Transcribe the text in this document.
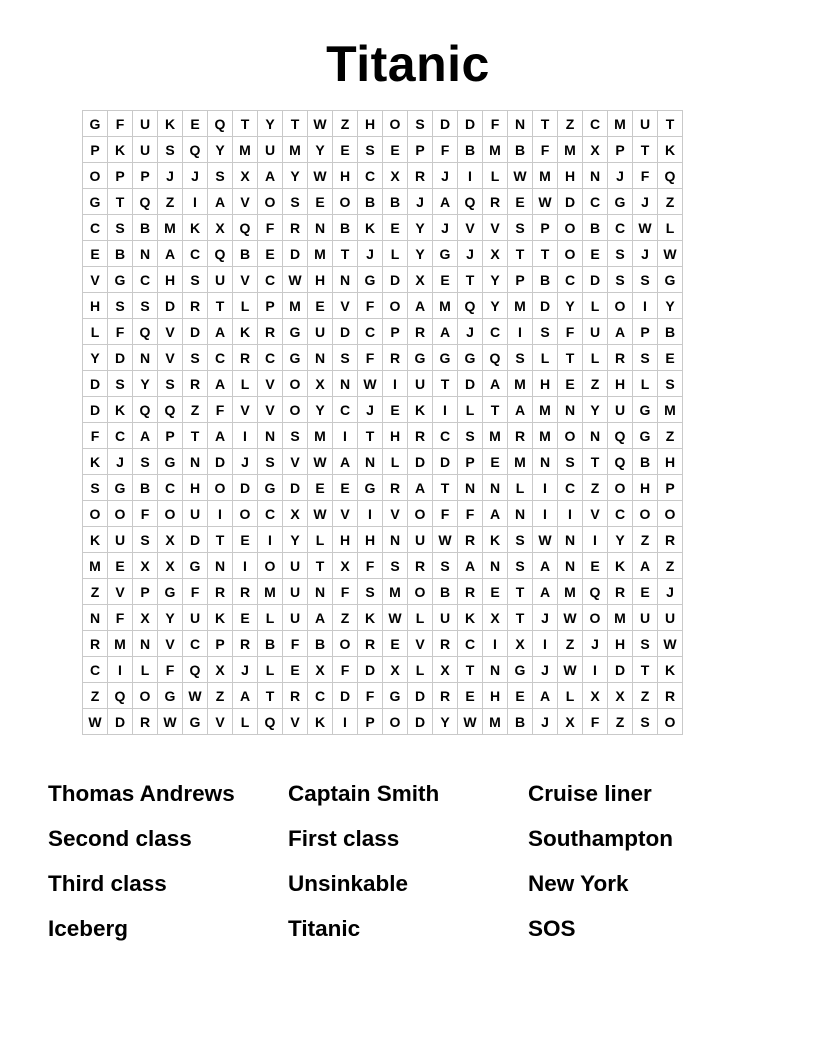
Titanic
G	F	U	K	E	Q	T	Y	T	W	Z	H	O	S	D	D	F	N	T	Z	C	M	U	T
P	K	U	S	Q	Y	M	U	M	Y	E	S	E	P	F	B	M	B	F	M	X	P	T	K
O	P	P	J	J	S	X	A	Y	W	H	C	X	R	J	I	L	W	M	H	N	J	F	Q
G	T	Q	Z	I	A	V	O	S	E	O	B	B	J	A	Q	R	E	W	D	C	G	J	Z
C	S	B	M	K	X	Q	F	R	N	B	K	E	Y	J	V	V	S	P	O	B	C	W	L
E	B	N	A	C	Q	B	E	D	M	T	J	L	Y	G	J	X	T	T	O	E	S	J	W
V	G	C	H	S	U	V	C	W	H	N	G	D	X	E	T	Y	P	B	C	D	S	S	G
H	S	S	D	R	T	L	P	M	E	V	F	O	A	M	Q	Y	M	D	Y	L	O	I	Y
L	F	Q	V	D	A	K	R	G	U	D	C	P	R	A	J	C	I	S	F	U	A	P	B
Y	D	N	V	S	C	R	C	G	N	S	F	R	G	G	G	Q	S	L	T	L	R	S	E
D	S	Y	S	R	A	L	V	O	X	N	W	I	U	T	D	A	M	H	E	Z	H	L	S
D	K	Q	Q	Z	F	V	V	O	Y	C	J	E	K	I	L	T	A	M	N	Y	U	G	M
F	C	A	P	T	A	I	N	S	M	I	T	H	R	C	S	M	R	M	O	N	Q	G	Z
K	J	S	G	N	D	J	S	V	W	A	N	L	D	D	P	E	M	N	S	T	Q	B	H
S	G	B	C	H	O	D	G	D	E	E	G	R	A	T	N	N	L	I	C	Z	O	H	P
O	O	F	O	U	I	O	C	X	W	V	I	V	O	F	F	A	N	I	I	V	C	O	O
K	U	S	X	D	T	E	I	Y	L	H	H	N	U	W	R	K	S	W	N	I	Y	Z	R
M	E	X	X	G	N	I	O	U	T	X	F	S	R	S	A	N	S	A	N	E	K	A	Z
Z	V	P	G	F	R	R	M	U	N	F	S	M	O	B	R	E	T	A	M	Q	R	E	J
N	F	X	Y	U	K	E	L	U	A	Z	K	W	L	U	K	X	T	J	W	O	M	U	U
R	M	N	V	C	P	R	B	F	B	O	R	E	V	R	C	I	X	I	Z	J	H	S	W
C	I	L	F	Q	X	J	L	E	X	F	D	X	L	X	T	N	G	J	W	I	D	T	K
Z	Q	O	G	W	Z	A	T	R	C	D	F	G	D	R	E	H	E	A	L	X	X	Z	R
W	D	R	W	G	V	L	Q	V	K	I	P	O	D	Y	W	M	B	J	X	F	Z	S	O
Thomas Andrews	Captain Smith	Cruise liner
Second class	First class	Southampton
Third class	Unsinkable	New York
Iceberg	Titanic	SOS
